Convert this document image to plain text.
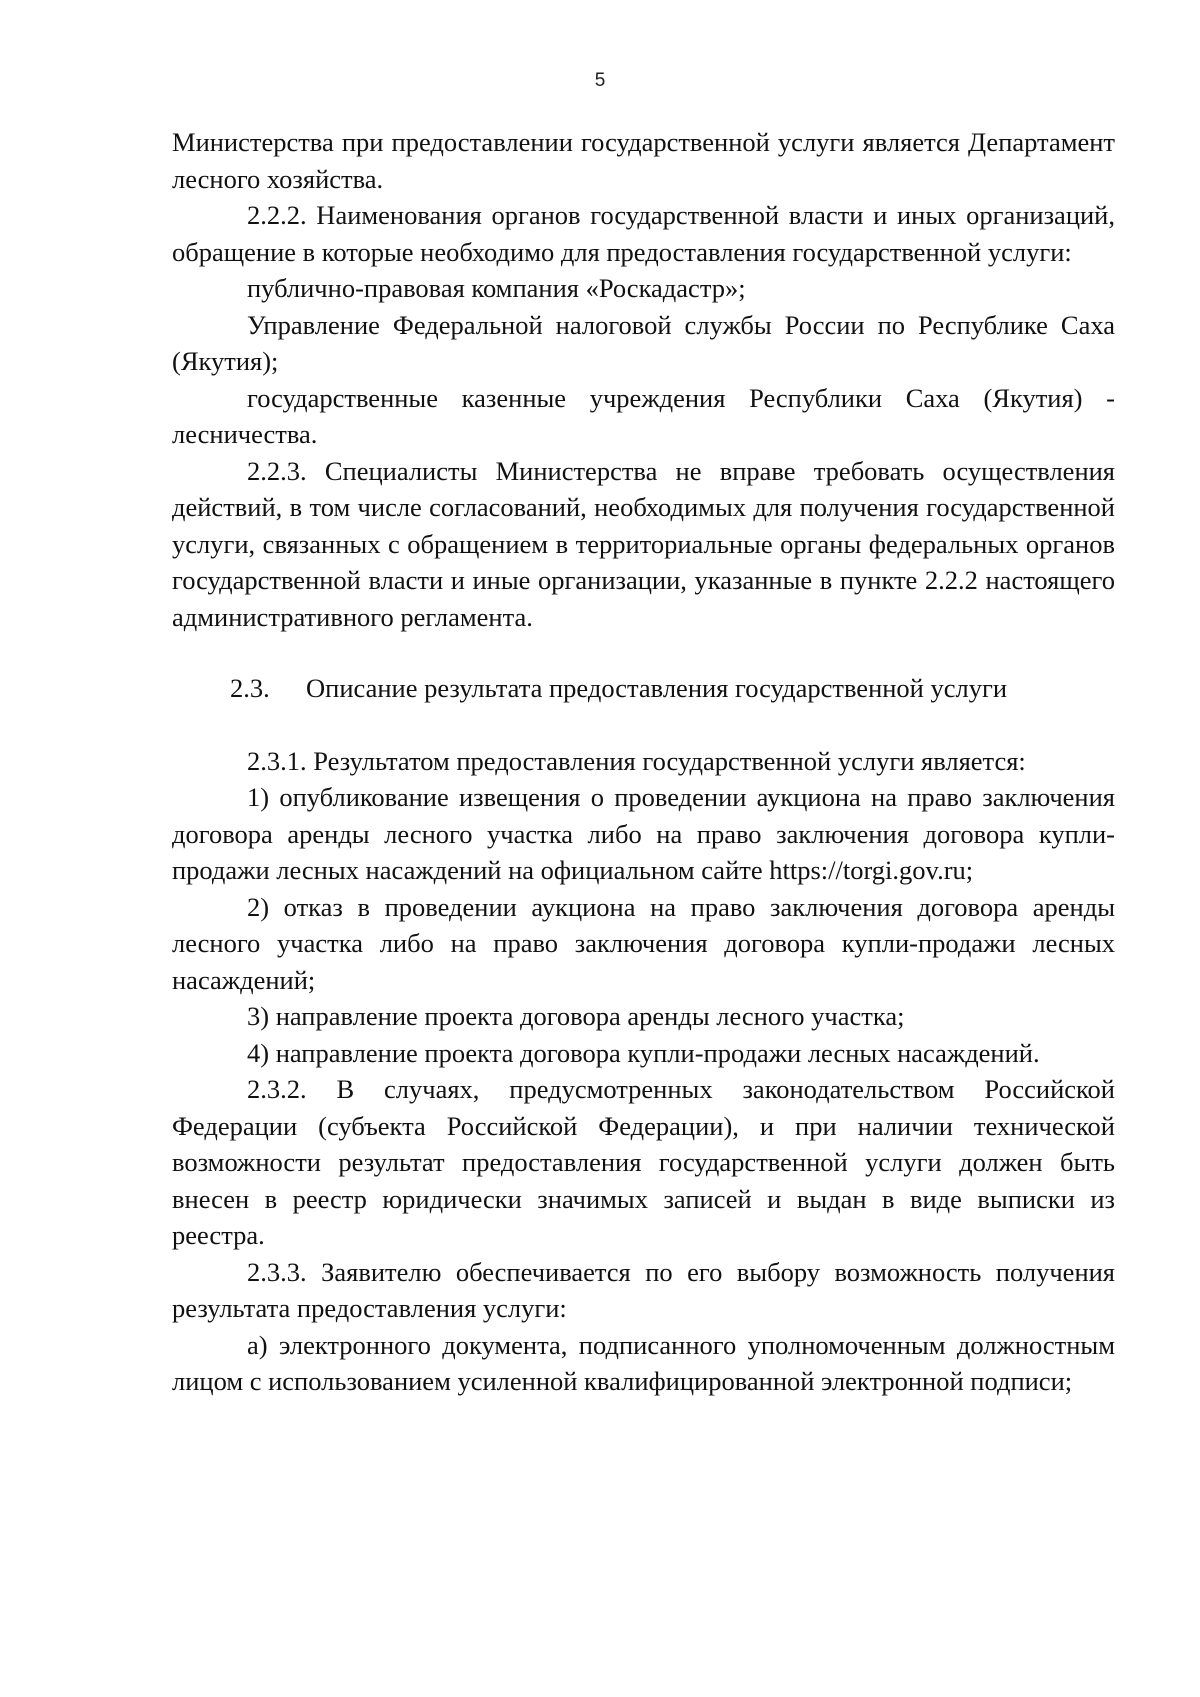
5

Министерства при предоставлении государственной услуги является Департамент лесного хозяйства.

2.2.2. Наименования органов государственной власти и иных организаций, обращение в которые необходимо для предоставления государственной услуги:

публично-правовая компания «Роскадастр»;

Управление Федеральной налоговой службы России по Республике Саха (Якутия);

государственные казенные учреждения Республики Саха (Якутия) - лесничества.

2.2.3. Специалисты Министерства не вправе требовать осуществления действий, в том числе согласований, необходимых для получения государственной услуги, связанных с обращением в территориальные органы федеральных органов государственной власти и иные организации, указанные в пункте 2.2.2 настоящего административного регламента.

2.3. Описание результата предоставления государственной услуги

2.3.1. Результатом предоставления государственной услуги является:

1) опубликование извещения о проведении аукциона на право заключения договора аренды лесного участка либо на право заключения договора купли-продажи лесных насаждений на официальном сайте https://torgi.gov.ru;

2) отказ в проведении аукциона на право заключения договора аренды лесного участка либо на право заключения договора купли-продажи лесных насаждений;

3) направление проекта договора аренды лесного участка;

4) направление проекта договора купли-продажи лесных насаждений.

2.3.2. В случаях, предусмотренных законодательством Российской Федерации (субъекта Российской Федерации), и при наличии технической возможности результат предоставления государственной услуги должен быть внесен в реестр юридически значимых записей и выдан в виде выписки из реестра.

2.3.3. Заявителю обеспечивается по его выбору возможность получения результата предоставления услуги:

а) электронного документа, подписанного уполномоченным должностным лицом с использованием усиленной квалифицированной электронной подписи;
